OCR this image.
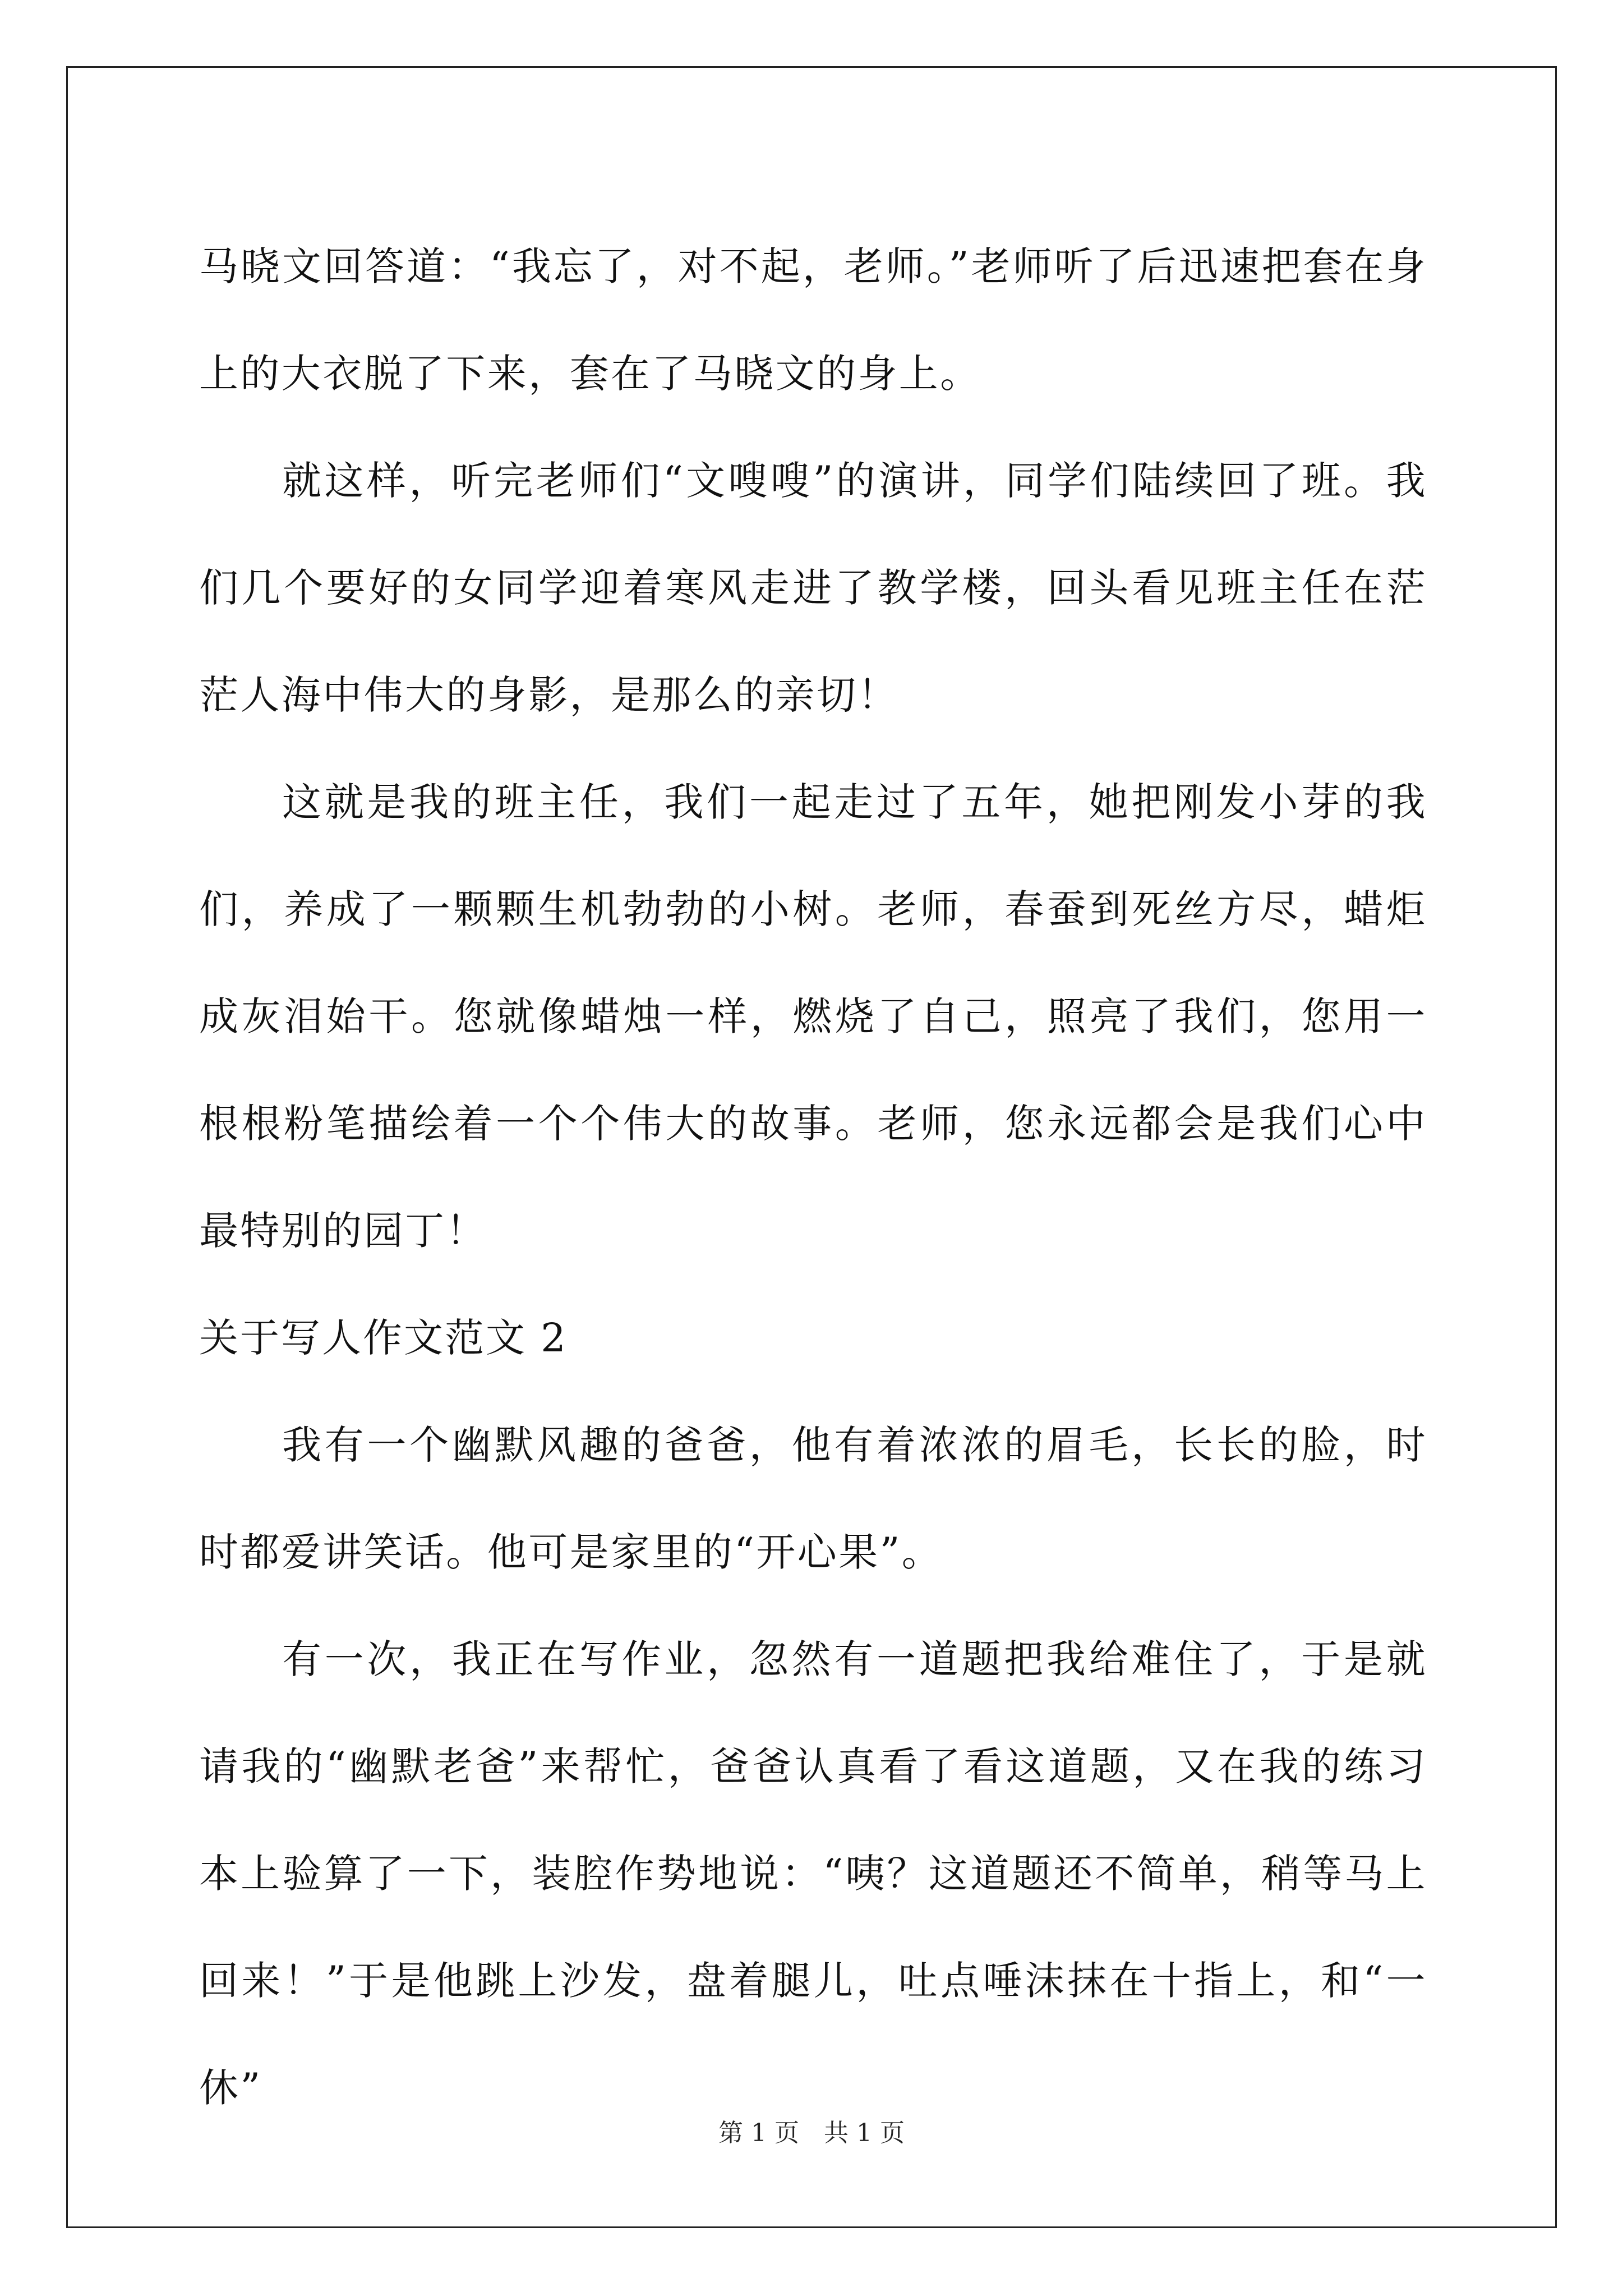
马晓文回答道：“我忘了，对不起，老师。”老师听了后迅速把套在身上的大衣脱了下来，套在了马晓文的身上。

就这样，听完老师们“文嗖嗖”的演讲，同学们陆续回了班。我们几个要好的女同学迎着寒风走进了教学楼，回头看见班主任在茫茫人海中伟大的身影，是那么的亲切！

这就是我的班主任，我们一起走过了五年，她把刚发小芽的我们，养成了一颗颗生机勃勃的小树。老师，春蚕到死丝方尽，蜡炬成灰泪始干。您就像蜡烛一样，燃烧了自己，照亮了我们，您用一根根粉笔描绘着一个个伟大的故事。老师，您永远都会是我们心中最特别的园丁！

关于写人作文范文 2

我有一个幽默风趣的爸爸，他有着浓浓的眉毛，长长的脸，时时都爱讲笑话。他可是家里的“开心果”。

有一次，我正在写作业，忽然有一道题把我给难住了，于是就请我的“幽默老爸”来帮忙，爸爸认真看了看这道题，又在我的练习本上验算了一下，装腔作势地说：“咦？这道题还不简单，稍等马上回来！”于是他跳上沙发，盘着腿儿，吐点唾沫抹在十指上，和“一休”

第 1 页　共 1 页
